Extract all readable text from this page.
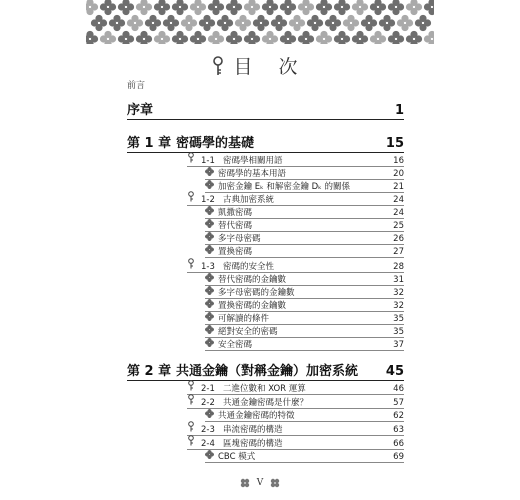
目 次
前言
序章	1
第 1 章 密碼學的基礎	15
1-1 密碼學相關用語	16
密碼學的基本用語	20
加密金鑰 Eₖ 和解密金鑰 Dₖ 的關係	21
1-2 古典加密系統	24
凱撒密碼	24
替代密碼	25
多字母密碼	26
置換密碼	27
1-3 密碼的安全性	28
替代密碼的金鑰數	31
多字母密碼的金鑰數	32
置換密碼的金鑰數	32
可解讀的條件	35
絕對安全的密碼	35
安全密碼	37
第 2 章 共通金鑰（對稱金鑰）加密系統	45
2-1 二進位數和 XOR 運算	46
2-2 共通金鑰密碼是什麼？	57
共通金鑰密碼的特徵	62
2-3 串流密碼的構造	63
2-4 區塊密碼的構造	66
CBC 模式	69
V
